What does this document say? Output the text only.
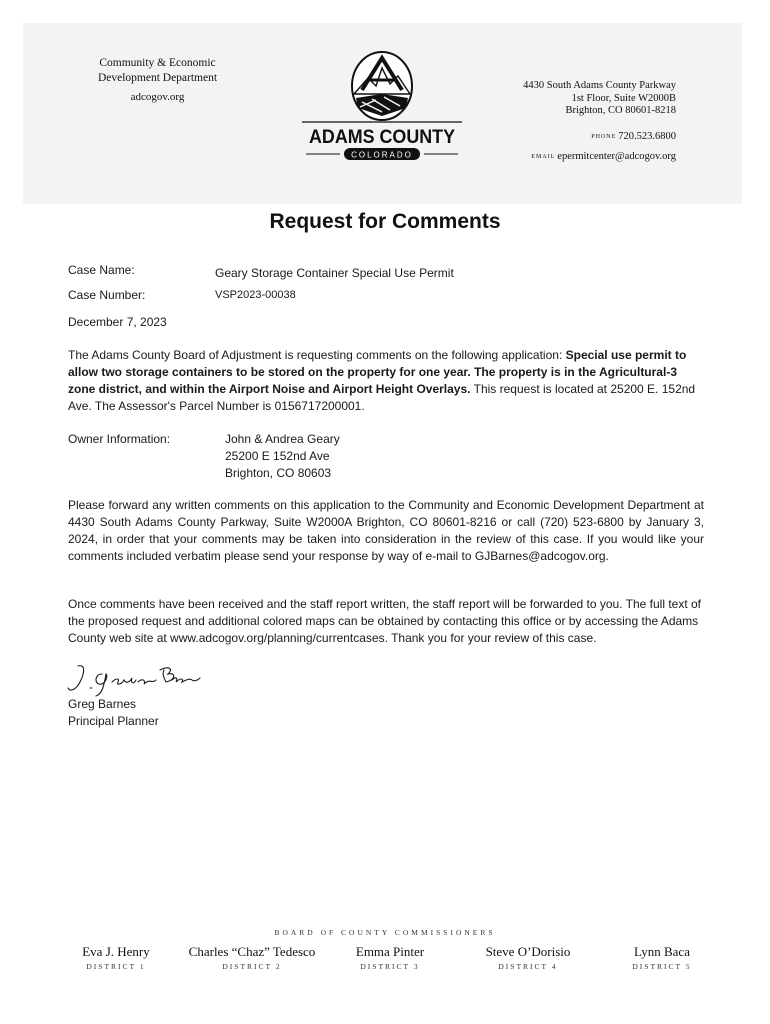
Community & Economic
Development Department
adcogov.org
ADAMS COUNTY
COLORADO
4430 South Adams County Parkway
1st Floor, Suite W2000B
Brighton, CO 80601-8218
PHONE 720.523.6800
EMAIL epermitcenter@adcogov.org
Request for Comments
Case Name:	Geary Storage Container Special Use Permit
Case Number:	VSP2023-00038
December 7, 2023
The Adams County Board of Adjustment is requesting comments on the following application: Special use permit to allow two storage containers to be stored on the property for one year. The property is in the Agricultural-3 zone district, and within the Airport Noise and Airport Height Overlays. This request is located at 25200 E. 152nd Ave. The Assessor's Parcel Number is 0156717200001.
Owner Information:	John & Andrea Geary
25200 E 152nd Ave
Brighton, CO 80603
Please forward any written comments on this application to the Community and Economic Development Department at 4430 South Adams County Parkway, Suite W2000A Brighton, CO 80601-8216 or call (720) 523-6800 by January 3, 2024, in order that your comments may be taken into consideration in the review of this case. If you would like your comments included verbatim please send your response by way of e-mail to GJBarnes@adcogov.org.
Once comments have been received and the staff report written, the staff report will be forwarded to you. The full text of the proposed request and additional colored maps can be obtained by contacting this office or by accessing the Adams County web site at www.adcogov.org/planning/currentcases. Thank you for your review of this case.
Greg Barnes
Principal Planner
BOARD OF COUNTY COMMISSIONERS
Eva J. Henry
DISTRICT 1
Charles “Chaz” Tedesco
DISTRICT 2
Emma Pinter
DISTRICT 3
Steve O’Dorisio
DISTRICT 4
Lynn Baca
DISTRICT 5
